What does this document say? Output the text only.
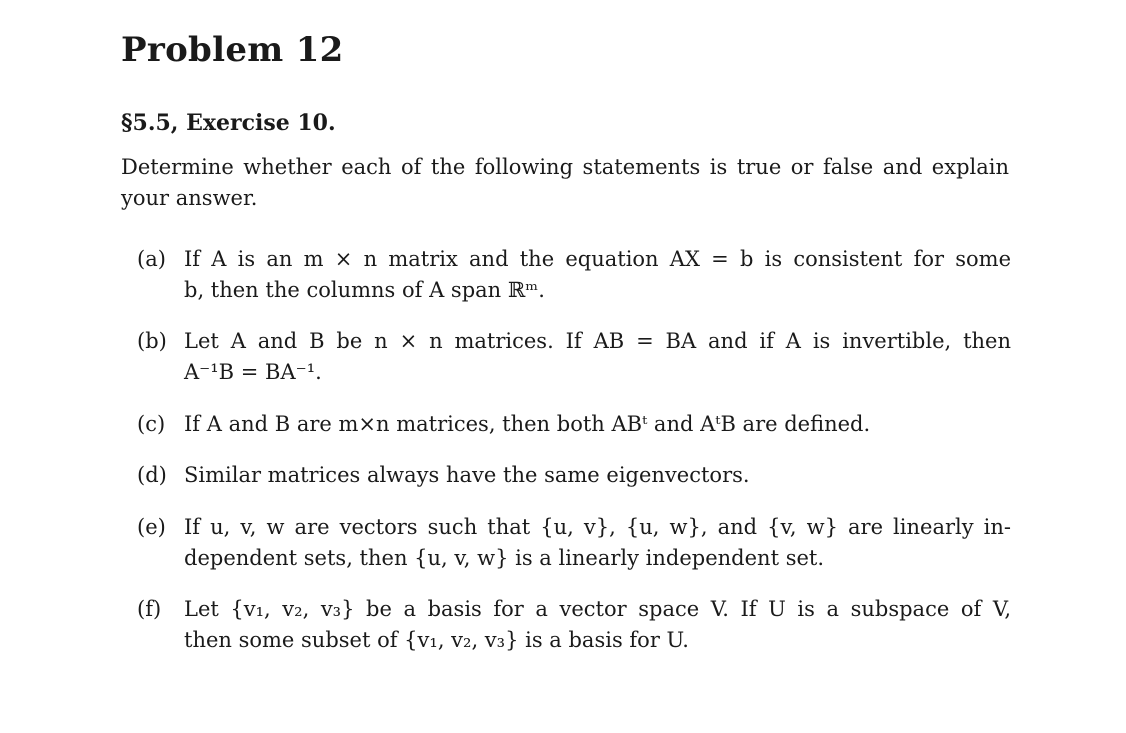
Problem 12
§5.5, Exercise 10.
Determine whether each of the following statements is true or false and explain
your answer.
(a) If A is an m × n matrix and the equation AX = b is consistent for some
b, then the columns of A span ℝᵐ.
(b) Let A and B be n × n matrices. If AB = BA and if A is invertible, then
A⁻¹B = BA⁻¹.
(c) If A and B are m×n matrices, then both ABᵗ and AᵗB are defined.
(d) Similar matrices always have the same eigenvectors.
(e) If u, v, w are vectors such that {u, v}, {u, w}, and {v, w} are linearly in-
dependent sets, then {u, v, w} is a linearly independent set.
(f) Let {v₁, v₂, v₃} be a basis for a vector space V. If U is a subspace of V,
then some subset of {v₁, v₂, v₃} is a basis for U.
